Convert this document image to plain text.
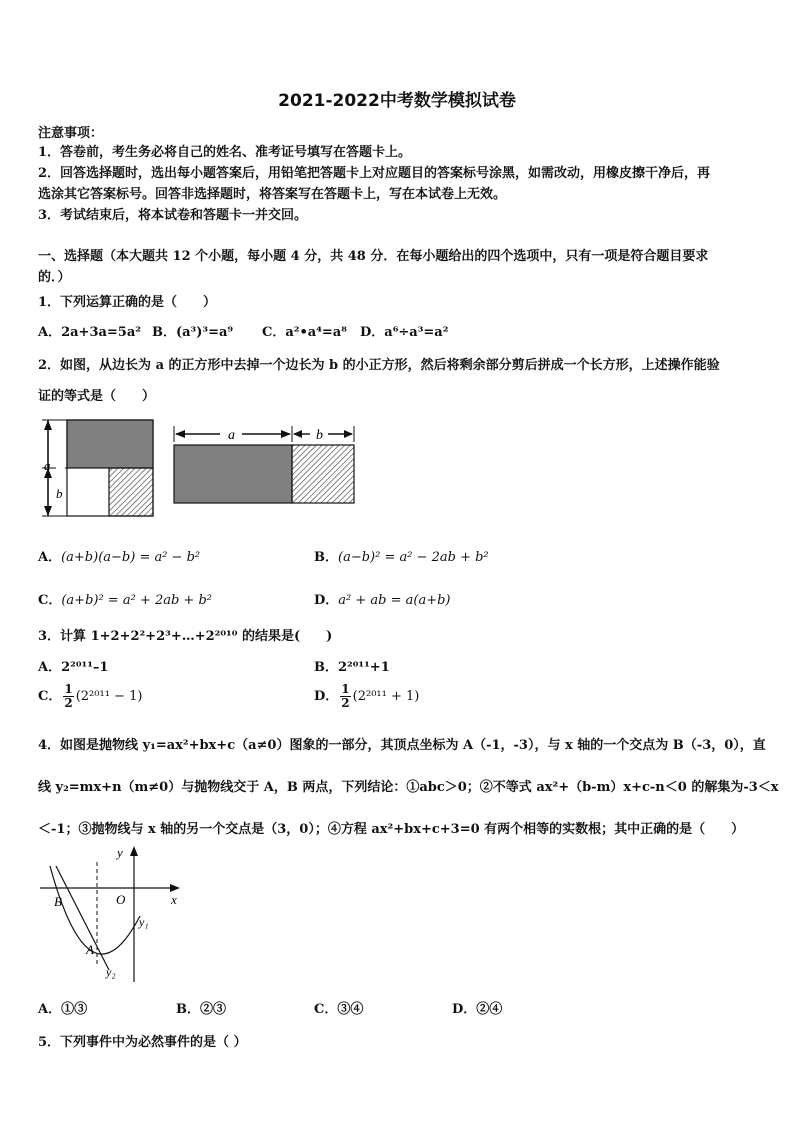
2021-2022中考数学模拟试卷
注意事项：
1．答卷前，考生务必将自己的姓名、准考证号填写在答题卡上。
2．回答选择题时，选出每小题答案后，用铅笔把答题卡上对应题目的答案标号涂黑，如需改动，用橡皮擦干净后，再
选涂其它答案标号。回答非选择题时，将答案写在答题卡上，写在本试卷上无效。
3．考试结束后，将本试卷和答题卡一并交回。
一、选择题（本大题共 12 个小题，每小题 4 分，共 48 分．在每小题给出的四个选项中，只有一项是符合题目要求
的．）
1．下列运算正确的是（　　）
A．2a+3a=5a² B．(a³)³=a⁹ C．a²•a⁴=a⁸ D．a⁶÷a³=a²
2．如图，从边长为 a 的正方形中去掉一个边长为 b 的小正方形，然后将剩余部分剪后拼成一个长方形，上述操作能验
证的等式是（　　）
a
b
a	b
A．(a+b)(a−b) = a² − b²	B．(a−b)² = a² − 2ab + b²
C．(a+b)² = a² + 2ab + b²	D．a² + ab = a(a+b)
3．计算 1+2+2²+2³+…+2²⁰¹⁰ 的结果是(　　)
A．2²⁰¹¹–1	B．2²⁰¹¹+1
C． $\frac{1}{2} (2^{2011} - 1)$	D． $\frac{1}{2} (2^{2011} + 1)$
4．如图是抛物线 y₁=ax²+bx+c（a≠0）图象的一部分，其顶点坐标为 A（-1，-3），与 x 轴的一个交点为 B（-3，0），直
线 y₂=mx+n（m≠0）与抛物线交于 A，B 两点，下列结论：①abc＞0；②不等式 ax²+（b-m）x+c-n＜0 的解集为-3＜x
＜-1；③抛物线与 x 轴的另一个交点是（3，0）；④方程 ax²+bx+c+3=0 有两个相等的实数根；其中正确的是（　　）
y
x
O
B
A
y₁
y₂
A．①③	B．②③	C．③④	D．②④
5．下列事件中为必然事件的是（ ）
